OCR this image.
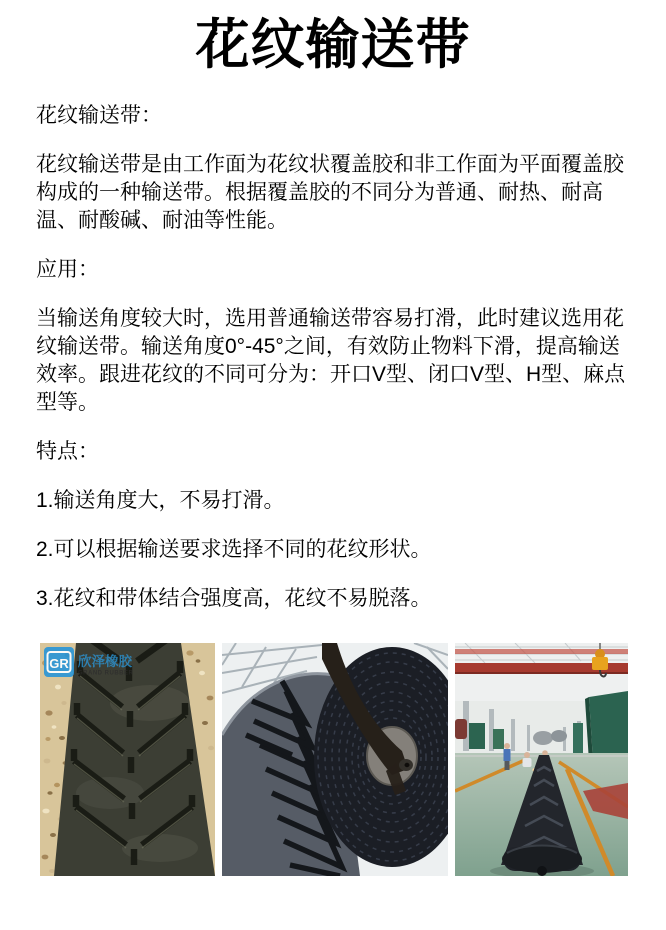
花纹输送带

花纹输送带：

花纹输送带是由工作面为花纹状覆盖胶和非工作面为平面覆盖胶构成的一种输送带。根据覆盖胶的不同分为普通、耐热、耐高温、耐酸碱、耐油等性能。

应用：

当输送角度较大时，选用普通输送带容易打滑，此时建议选用花纹输送带。输送角度0°-45°之间，有效防止物料下滑，提高输送效率。跟进花纹的不同可分为：开口V型、闭口V型、H型、麻点型等。

特点：

1.输送角度大，不易打滑。

2.可以根据输送要求选择不同的花纹形状。

3.花纹和带体结合强度高，花纹不易脱落。

GR 欣泽橡胶
GRAND RUBBER
